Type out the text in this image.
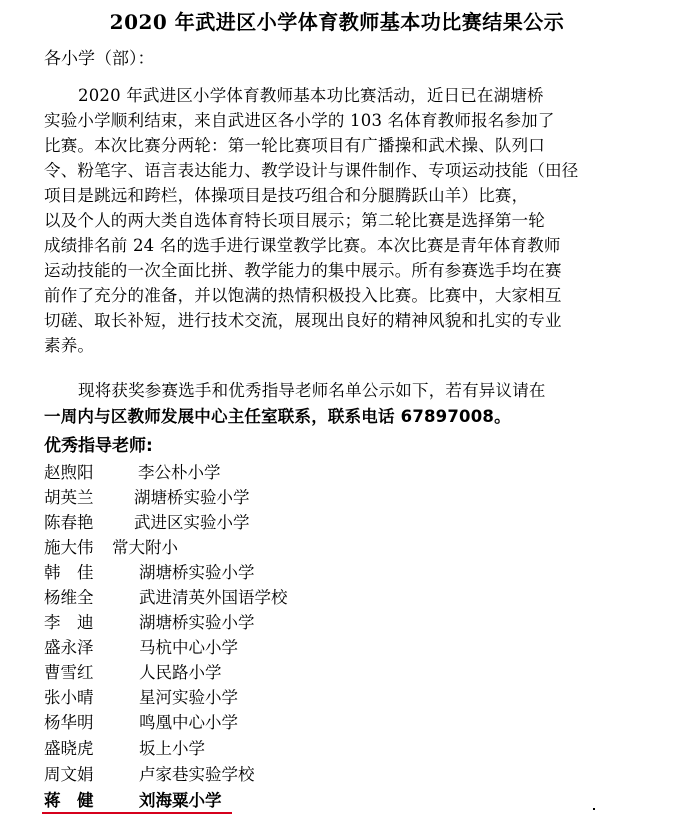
2020 年武进区小学体育教师基本功比赛结果公示
各小学（部）：
2020 年武进区小学体育教师基本功比赛活动，近日已在湖塘桥
实验小学顺利结束，来自武进区各小学的 103 名体育教师报名参加了
比赛。本次比赛分两轮：第一轮比赛项目有广播操和武术操、队列口
令、粉笔字、语言表达能力、教学设计与课件制作、专项运动技能（田径
项目是跳远和跨栏，体操项目是技巧组合和分腿腾跃山羊）比赛，
以及个人的两大类自选体育特长项目展示；第二轮比赛是选择第一轮
成绩排名前 24 名的选手进行课堂教学比赛。本次比赛是青年体育教师
运动技能的一次全面比拼、教学能力的集中展示。所有参赛选手均在赛
前作了充分的准备，并以饱满的热情积极投入比赛。比赛中，大家相互
切磋、取长补短，进行技术交流，展现出良好的精神风貌和扎实的专业
素养。
现将获奖参赛选手和优秀指导老师名单公示如下，若有异议请在
一周内与区教师发展中心主任室联系，联系电话 67897008。
优秀指导老师:
赵煦阳	李公朴小学
胡英兰 湖塘桥实验小学
陈春艳 武进区实验小学
施大伟 常大附小
韩　佳	湖塘桥实验小学
杨维全	武进清英外国语学校
李　迪	湖塘桥实验小学
盛永泽	马杭中心小学
曹雪红	人民路小学
张小晴	星河实验小学
杨华明	鸣凰中心小学
盛晓虎	坂上小学
周文娟	卢家巷实验学校
蒋　健	刘海粟小学
